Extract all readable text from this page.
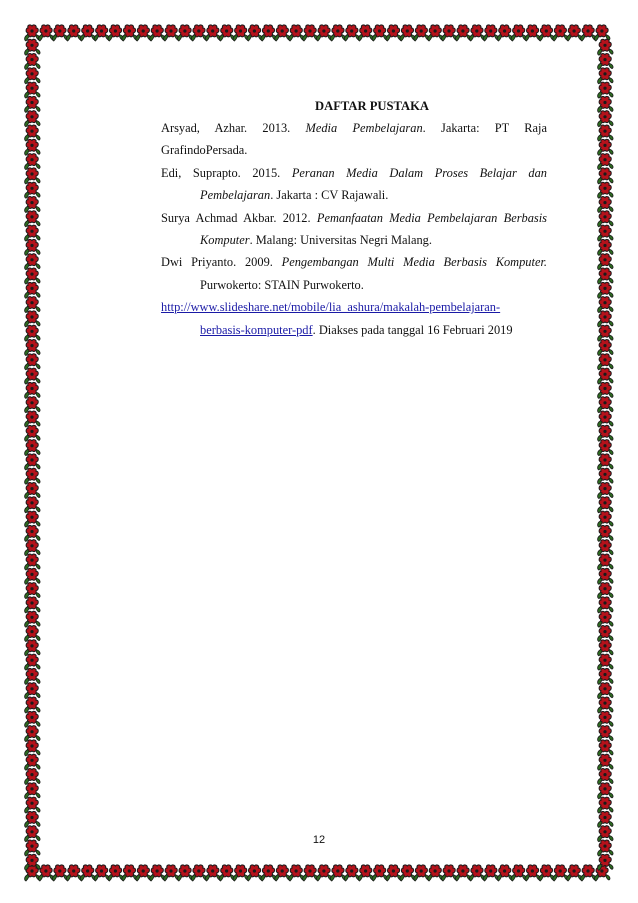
DAFTAR PUSTAKA

Arsyad, Azhar. 2013. Media Pembelajaran. Jakarta: PT Raja
GrafindoPersada.
Edi, Suprapto. 2015. Peranan Media Dalam Proses Belajar dan
Pembelajaran. Jakarta : CV Rajawali.
Surya Achmad Akbar. 2012. Pemanfaatan Media Pembelajaran Berbasis
Komputer. Malang: Universitas Negri Malang.
Dwi Priyanto. 2009. Pengembangan Multi Media Berbasis Komputer.
Purwokerto: STAIN Purwokerto.
http://www.slideshare.net/mobile/lia_ashura/makalah-pembelajaran-
berbasis-komputer-pdf. Diakses pada tanggal 16 Februari 2019
12
